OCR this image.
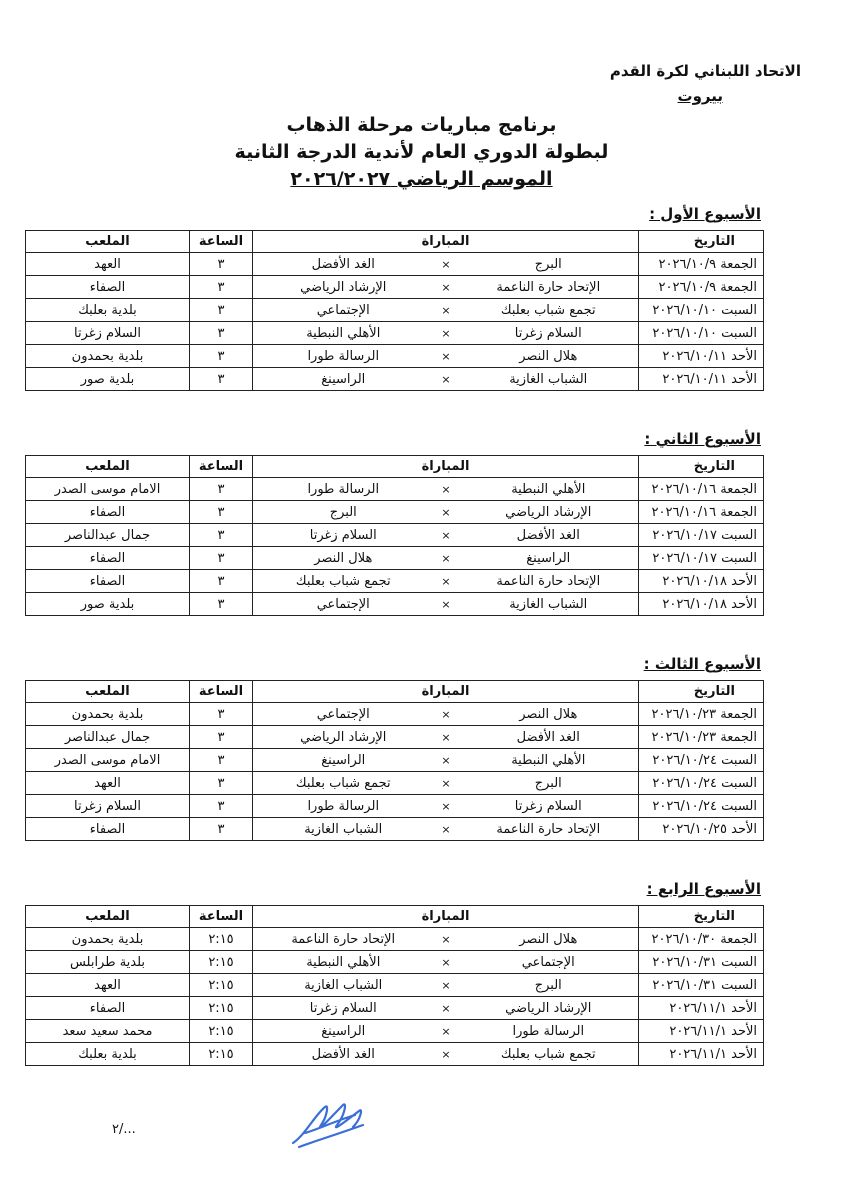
الاتحاد اللبناني لكرة القدم
بيروت
برنامج مباريات مرحلة الذهاب
لبطولة الدوري العام لأندية الدرجة الثانية
الموسم الرياضي ٢٠٢٦/٢٠٢٧
الأسبوع الأول :
التاريخ	المباراة			الساعة	الملعب
الجمعة ٢٠٢٦/١٠/٩	البرج	×	الغد الأفضل	٣	العهد
الجمعة ٢٠٢٦/١٠/٩	الإتحاد حارة الناعمة	×	الإرشاد الرياضي	٣	الصفاء
السبت ٢٠٢٦/١٠/١٠	تجمع شباب بعلبك	×	الإجتماعي	٣	بلدية بعلبك
السبت ٢٠٢٦/١٠/١٠	السلام زغرتا	×	الأهلي النبطية	٣	السلام زغرتا
الأحد ٢٠٢٦/١٠/١١	هلال النصر	×	الرسالة طورا	٣	بلدية بحمدون
الأحد ٢٠٢٦/١٠/١١	الشباب الغازية	×	الراسينغ	٣	بلدية صور
الأسبوع الثاني :
التاريخ	المباراة			الساعة	الملعب
الجمعة ٢٠٢٦/١٠/١٦	الأهلي النبطية	×	الرسالة طورا	٣	الامام موسى الصدر
الجمعة ٢٠٢٦/١٠/١٦	الإرشاد الرياضي	×	البرج	٣	الصفاء
السبت ٢٠٢٦/١٠/١٧	الغد الأفضل	×	السلام زغرتا	٣	جمال عبدالناصر
السبت ٢٠٢٦/١٠/١٧	الراسينغ	×	هلال النصر	٣	الصفاء
الأحد ٢٠٢٦/١٠/١٨	الإتحاد حارة الناعمة	×	تجمع شباب بعلبك	٣	الصفاء
الأحد ٢٠٢٦/١٠/١٨	الشباب الغازية	×	الإجتماعي	٣	بلدية صور
الأسبوع الثالث :
التاريخ	المباراة			الساعة	الملعب
الجمعة ٢٠٢٦/١٠/٢٣	هلال النصر	×	الإجتماعي	٣	بلدية بحمدون
الجمعة ٢٠٢٦/١٠/٢٣	الغد الأفضل	×	الإرشاد الرياضي	٣	جمال عبدالناصر
السبت ٢٠٢٦/١٠/٢٤	الأهلي النبطية	×	الراسينغ	٣	الامام موسى الصدر
السبت ٢٠٢٦/١٠/٢٤	البرج	×	تجمع شباب بعلبك	٣	العهد
السبت ٢٠٢٦/١٠/٢٤	السلام زغرتا	×	الرسالة طورا	٣	السلام زغرتا
الأحد ٢٠٢٦/١٠/٢٥	الإتحاد حارة الناعمة	×	الشباب الغازية	٣	الصفاء
الأسبوع الرابع :
التاريخ	المباراة			الساعة	الملعب
الجمعة ٢٠٢٦/١٠/٣٠	هلال النصر	×	الإتحاد حارة الناعمة	٢:١٥	بلدية بحمدون
السبت ٢٠٢٦/١٠/٣١	الإجتماعي	×	الأهلي النبطية	٢:١٥	بلدية طرابلس
السبت ٢٠٢٦/١٠/٣١	البرج	×	الشباب الغازية	٢:١٥	العهد
الأحد ٢٠٢٦/١١/١	الإرشاد الرياضي	×	السلام زغرتا	٢:١٥	الصفاء
الأحد ٢٠٢٦/١١/١	الرسالة طورا	×	الراسينغ	٢:١٥	محمد سعيد سعد
الأحد ٢٠٢٦/١١/١	تجمع شباب بعلبك	×	الغد الأفضل	٢:١٥	بلدية بعلبك
٢/...
